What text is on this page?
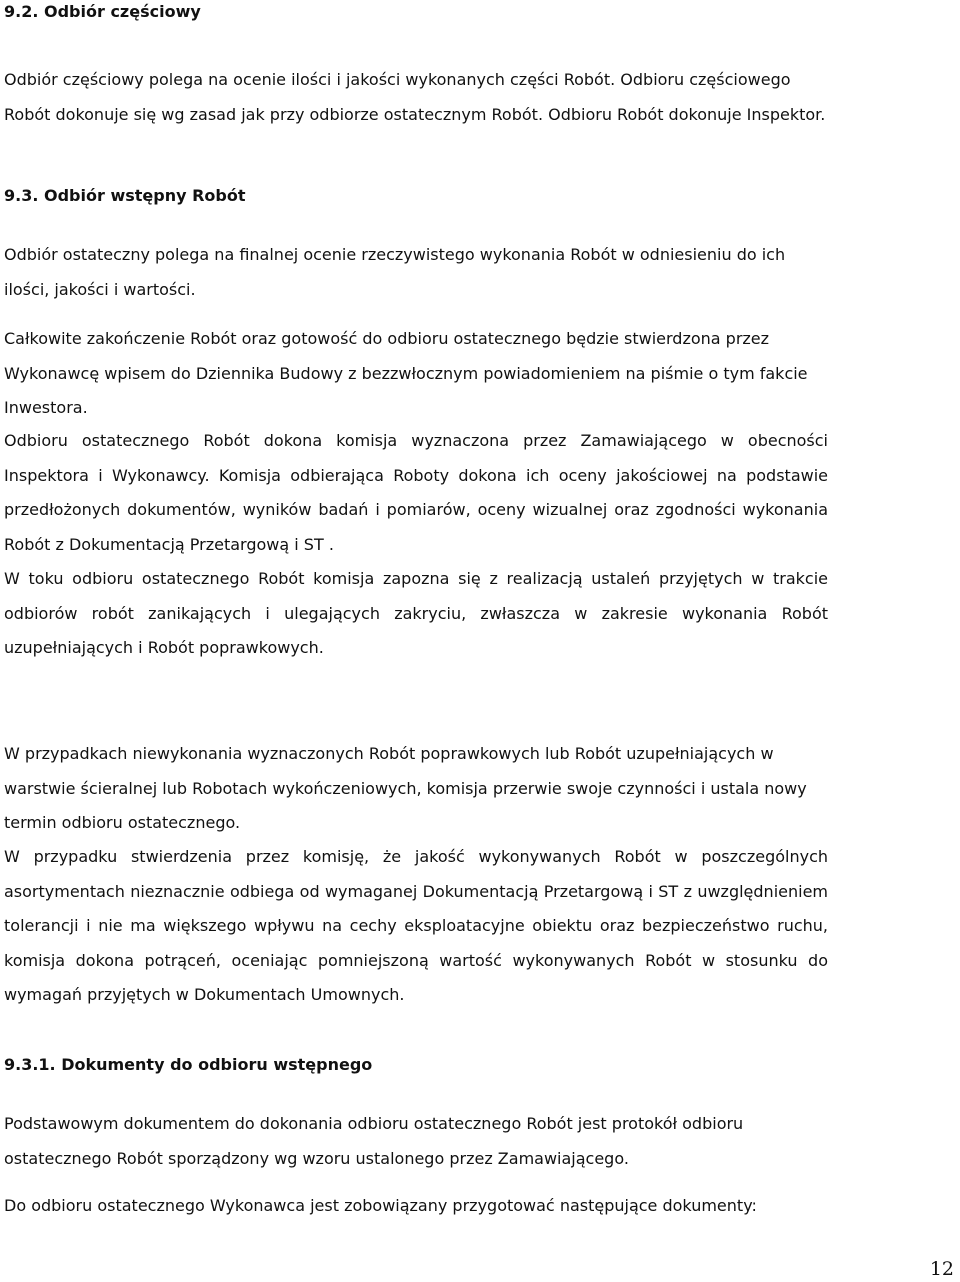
9.2. Odbiór częściowy

Odbiór częściowy polega na ocenie ilości i jakości wykonanych części Robót. Odbioru częściowego Robót dokonuje się wg zasad jak przy odbiorze ostatecznym Robót. Odbioru Robót dokonuje Inspektor.

9.3. Odbiór wstępny Robót

Odbiór ostateczny polega na finalnej ocenie rzeczywistego wykonania Robót w odniesieniu do ich ilości, jakości i wartości.

Całkowite zakończenie Robót oraz gotowość do odbioru ostatecznego będzie stwierdzona przez Wykonawcę wpisem do Dziennika Budowy z bezzwłocznym powiadomieniem na piśmie o tym fakcie Inwestora.

Odbioru ostatecznego Robót dokona komisja wyznaczona przez Zamawiającego w obecności Inspektora i Wykonawcy. Komisja odbierająca Roboty dokona ich oceny jakościowej na podstawie przedłożonych dokumentów, wyników badań i pomiarów, oceny wizualnej oraz zgodności wykonania Robót z Dokumentacją Przetargową i ST .

W toku odbioru ostatecznego Robót komisja zapozna się z realizacją ustaleń przyjętych w trakcie odbiorów robót zanikających i ulegających zakryciu, zwłaszcza w zakresie wykonania Robót uzupełniających i Robót poprawkowych.

W przypadkach niewykonania wyznaczonych Robót poprawkowych lub Robót uzupełniających w warstwie ścieralnej lub Robotach wykończeniowych, komisja przerwie swoje czynności i ustala nowy termin odbioru ostatecznego.

W przypadku stwierdzenia przez komisję, że jakość wykonywanych Robót w poszczególnych asortymentach nieznacznie odbiega od wymaganej Dokumentacją Przetargową i ST z uwzględnieniem tolerancji i nie ma większego wpływu na cechy eksploatacyjne obiektu oraz bezpieczeństwo ruchu, komisja dokona potrąceń, oceniając pomniejszoną wartość wykonywanych Robót w stosunku do wymagań przyjętych w Dokumentach Umownych.

9.3.1. Dokumenty do odbioru wstępnego

Podstawowym dokumentem do dokonania odbioru ostatecznego Robót jest protokół odbioru ostatecznego Robót sporządzony wg wzoru ustalonego przez Zamawiającego.

Do odbioru ostatecznego Wykonawca jest zobowiązany przygotować następujące dokumenty:

12
